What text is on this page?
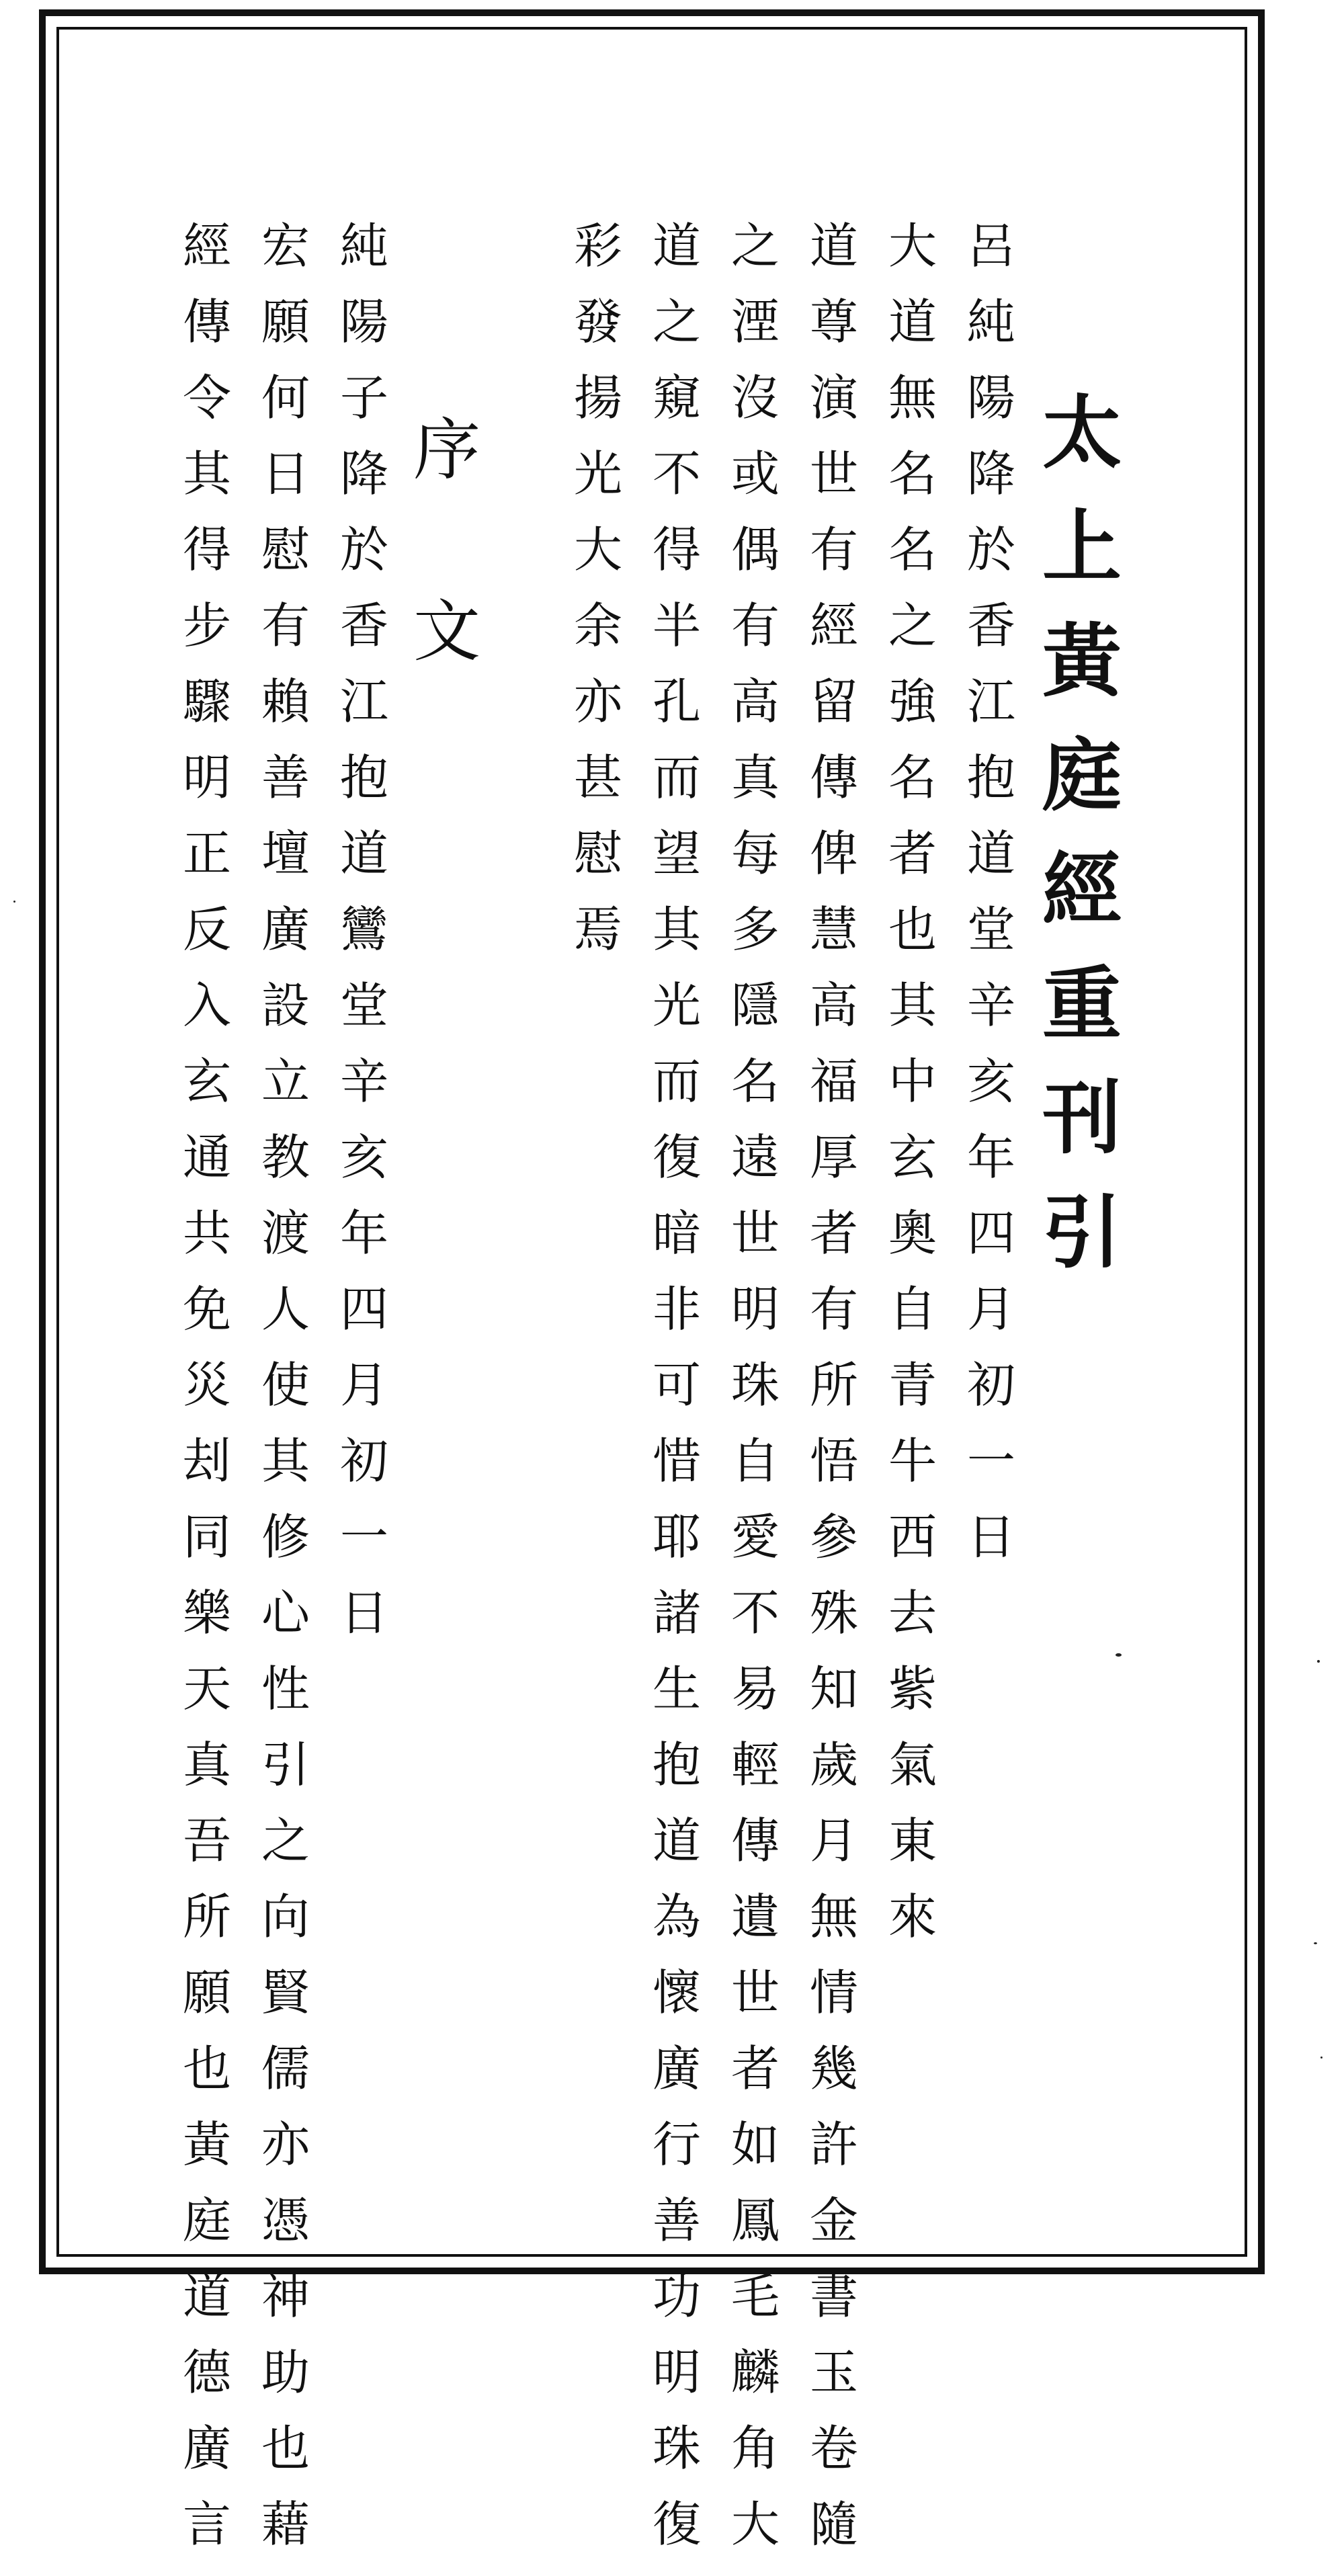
太
上
黃
庭
經
重
刊
引
呂
純
陽
降
於
香
江
抱
道
堂
辛
亥
年
四
月
初
一
日
大
道
無
名
名
之
強
名
者
也
其
中
玄
奧
自
青
牛
西
去
紫
氣
東
來
道
尊
演
世
有
經
留
傳
俾
慧
高
福
厚
者
有
所
悟
參
殊
知
歲
月
無
情
幾
許
金
書
玉
卷
隨
之
湮
沒
或
偶
有
高
真
每
多
隱
名
遠
世
明
珠
自
愛
不
易
輕
傳
遺
世
者
如
鳳
毛
麟
角
大
道
之
窺
不
得
半
孔
而
望
其
光
而
復
暗
非
可
惜
耶
諸
生
抱
道
為
懷
廣
行
善
功
明
珠
復
彩
發
揚
光
大
余
亦
甚
慰
焉
序
文
純
陽
子
降
於
香
江
抱
道
鸞
堂
辛
亥
年
四
月
初
一
日
宏
願
何
日
慰
有
賴
善
壇
廣
設
立
教
渡
人
使
其
修
心
性
引
之
向
賢
儒
亦
憑
神
助
也
藉
經
傳
令
其
得
步
驟
明
正
反
入
玄
通
共
免
災
刦
同
樂
天
真
吾
所
願
也
黃
庭
道
德
廣
言
